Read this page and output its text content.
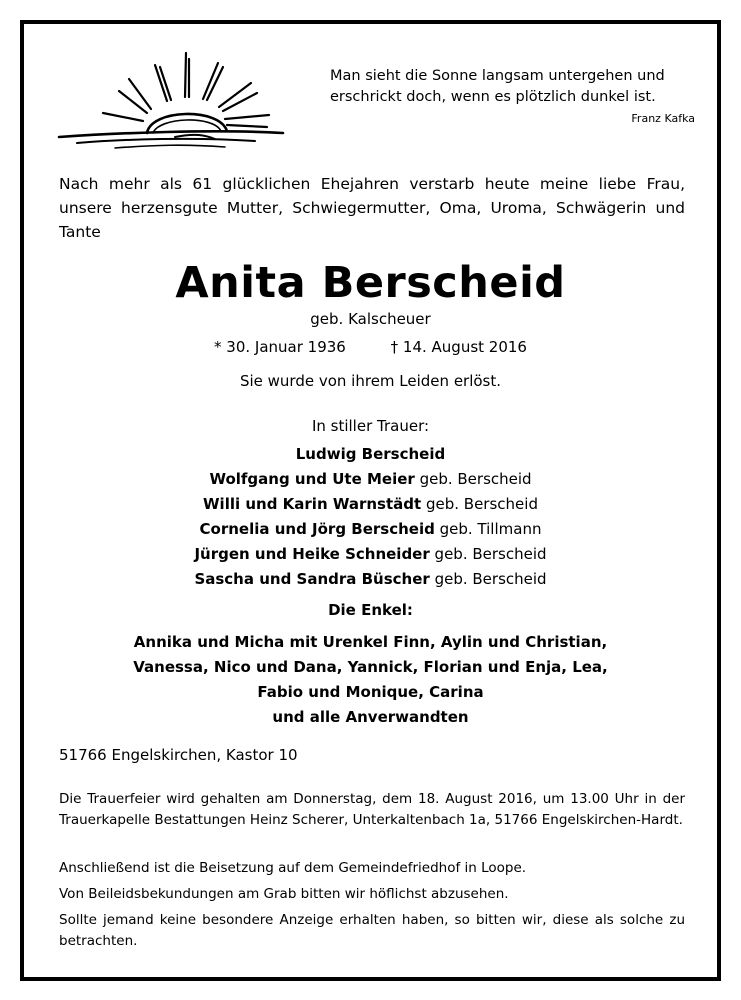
Man sieht die Sonne langsam untergehen und
erschrickt doch, wenn es plötzlich dunkel ist.
Franz Kafka
Nach mehr als 61 glücklichen Ehejahren verstarb heute meine liebe Frau, unsere herzensgute Mutter, Schwiegermutter, Oma, Uroma, Schwägerin und Tante
Anita Berscheid
geb. Kalscheuer
* 30. Januar 1936	† 14. August 2016
Sie wurde von ihrem Leiden erlöst.
In stiller Trauer:
Ludwig Berscheid
Wolfgang und Ute Meier geb. Berscheid
Willi und Karin Warnstädt geb. Berscheid
Cornelia und Jörg Berscheid geb. Tillmann
Jürgen und Heike Schneider geb. Berscheid
Sascha und Sandra Büscher geb. Berscheid
Die Enkel:
Annika und Micha mit Urenkel Finn, Aylin und Christian,
Vanessa, Nico und Dana, Yannick, Florian und Enja, Lea,
Fabio und Monique, Carina
und alle Anverwandten
51766 Engelskirchen, Kastor 10
Die Trauerfeier wird gehalten am Donnerstag, dem 18. August 2016, um 13.00 Uhr in der Trauerkapelle Bestattungen Heinz Scherer, Unterkaltenbach 1a, 51766 Engelskirchen-Hardt.
Anschließend ist die Beisetzung auf dem Gemeindefriedhof in Loope.
Von Beileidsbekundungen am Grab bitten wir höflichst abzusehen.
Sollte jemand keine besondere Anzeige erhalten haben, so bitten wir, diese als solche zu betrachten.
